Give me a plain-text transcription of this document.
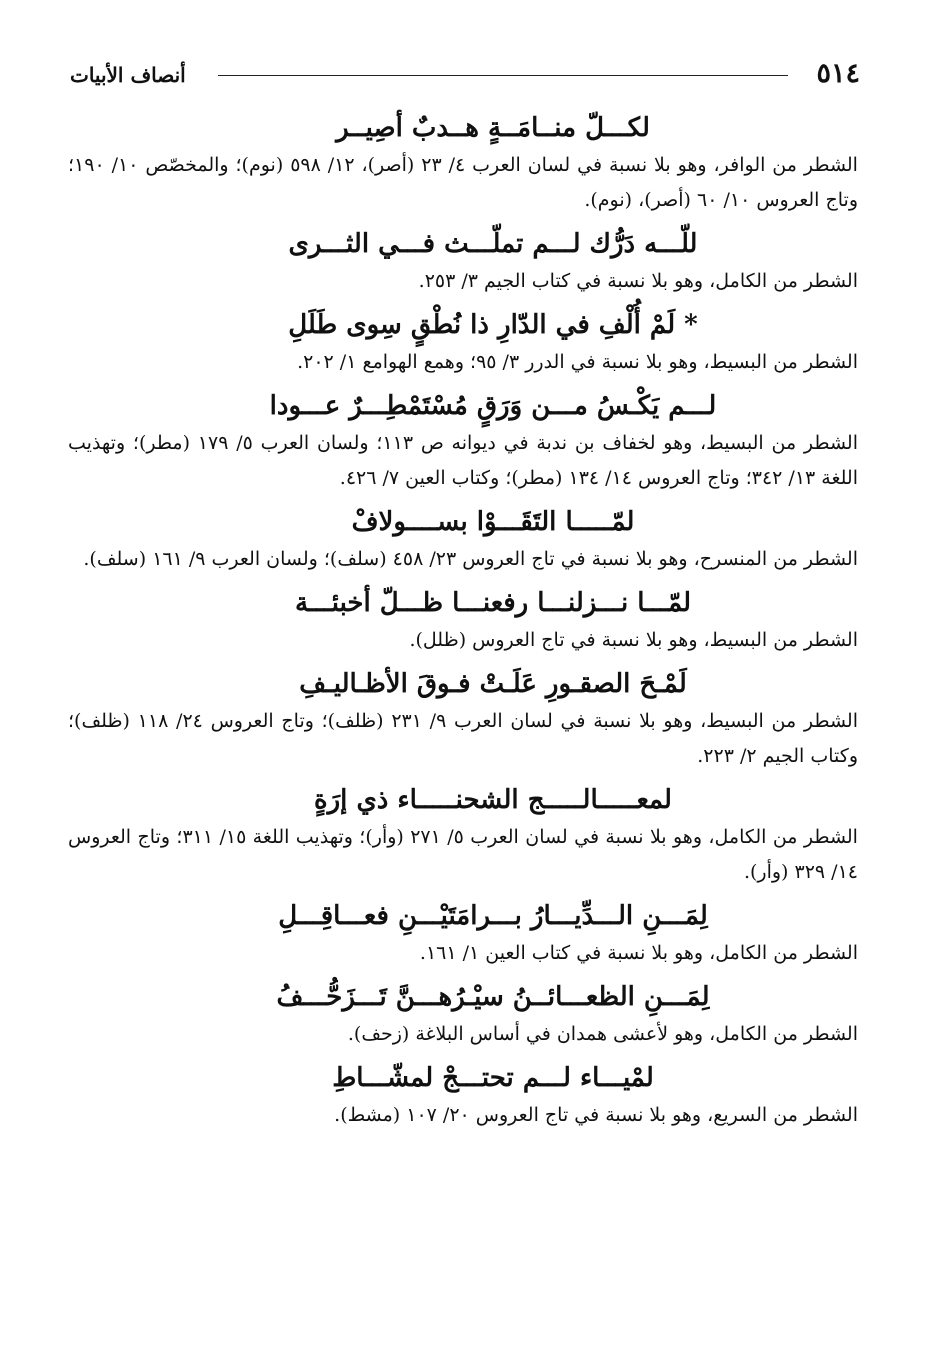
٥١٤
أنصاف الأبيات
لكـــلّ منــامَــةٍ هــدبٌ أصِيــر
الشطر من الوافر، وهو بلا نسبة في لسان العرب ٤/ ٢٣ (أصر)، ١٢/ ٥٩٨ (نوم)؛ والمخصّص ١٠/ ١٩٠؛ وتاج العروس ١٠/ ٦٠ (أصر)، (نوم).
للّـــه دَرُّك لـــم تملّـــث فـــي الثـــرى
الشطر من الكامل، وهو بلا نسبة في كتاب الجيم ٣/ ٢٥٣.
* لَمْ أُلْفِ في الدّارِ ذا نُطْقٍ سِوى طَلَلِ
الشطر من البسيط، وهو بلا نسبة في الدرر ٣/ ٩٥؛ وهمع الهوامع ١/ ٢٠٢.
لـــم يَكْـسُ مـــن وَرَقٍ مُسْتَمْطِـــرٌ عـــودا
الشطر من البسيط، وهو لخفاف بن ندبة في ديوانه ص ١١٣؛ ولسان العرب ٥/ ١٧٩ (مطر)؛ وتهذيب اللغة ١٣/ ٣٤٢؛ وتاج العروس ١٤/ ١٣٤ (مطر)؛ وكتاب العين ٧/ ٤٢٦.
لمّـــــا التَقَـــوْا بســــولافْ
الشطر من المنسرح، وهو بلا نسبة في تاج العروس ٢٣/ ٤٥٨ (سلف)؛ ولسان العرب ٩/ ١٦١ (سلف).
لمّـــا نـــزلنـــا رفعنـــا ظـــلّ أخبئـــة
الشطر من البسيط، وهو بلا نسبة في تاج العروس (ظلل).
لَمْـحَ الصقـورِ عَلَـتْ فـوقَ الأظـاليـفِ
الشطر من البسيط، وهو بلا نسبة في لسان العرب ٩/ ٢٣١ (ظلف)؛ وتاج العروس ٢٤/ ١١٨ (ظلف)؛ وكتاب الجيم ٢/ ٢٢٣.
لمعـــــالـــــج الشحنـــــاء ذي إرَةٍ
الشطر من الكامل، وهو بلا نسبة في لسان العرب ٥/ ٢٧١ (وأر)؛ وتهذيب اللغة ١٥/ ٣١١؛ وتاج العروس ١٤/ ٣٢٩ (وأر).
لِمَـــنِ الـــدِّيـــارُ بـــرامَتَيْـــنِ فعـــاقِـــلِ
الشطر من الكامل، وهو بلا نسبة في كتاب العين ١/ ١٦١.
لِمَـــنِ الظعـــائــنُ سيْـرُهـــنَّ تَـــزَحُّـــفُ
الشطر من الكامل، وهو لأعشى همدان في أساس البلاغة (زحف).
لمْيـــاء لـــم تحتـــجْ لمشّـــاطِ
الشطر من السريع، وهو بلا نسبة في تاج العروس ٢٠/ ١٠٧ (مشط).
